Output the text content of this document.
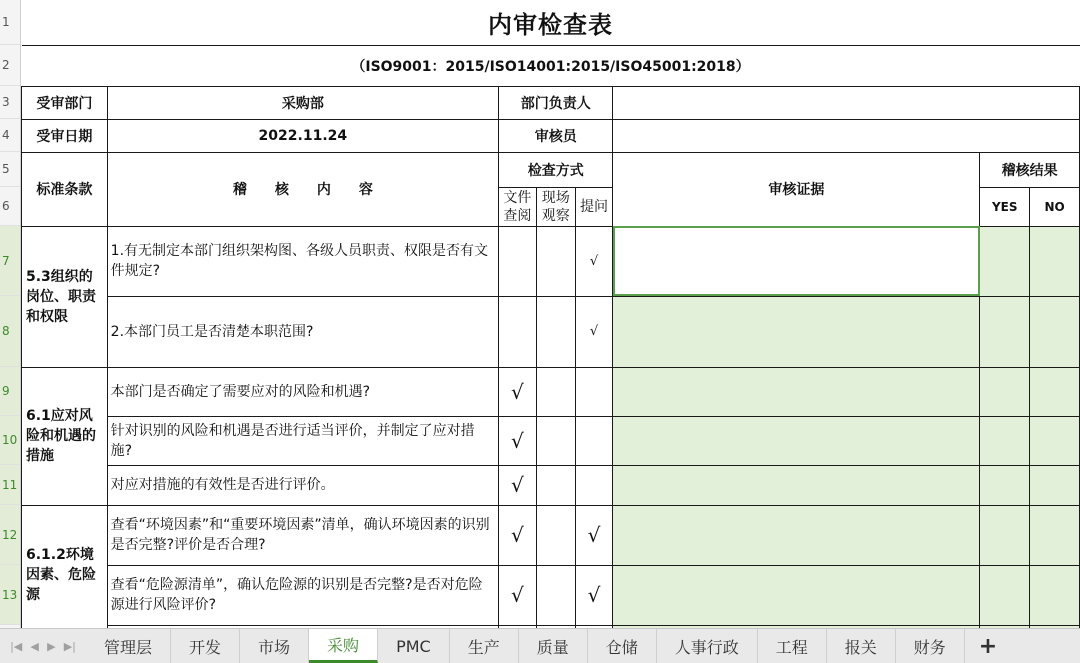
1
2
3
4
5
6
7
8
9
10
11
12
13
内审检查表							
（ISO9001：2015/ISO14001:2015/ISO45001:2018）							
受审部门	采购部	部门负责人					
受审日期	2022.11.24	审核员					
标准条款	稽　　核　　内　　容	检查方式			审核证据	稽核结果	
		文件查阅	现场观察	提问		YES	NO
5.3组织的岗位、职责和权限	1.有无制定本部门组织架构图、各级人员职责、权限是否有文件规定?			√			
	2.本部门员工是否清楚本职范围?			√			
6.1应对风险和机遇的措施	本部门是否确定了需要应对的风险和机遇?	√					
	针对识别的风险和机遇是否进行适当评价，并制定了应对措施?	√					
	对应对措施的有效性是否进行评价。	√					
6.1.2环境因素、危险源	查看“环境因素”和“重要环境因素”清单，确认环境因素的识别是否完整?评价是否合理?	√		√			
	查看“危险源清单”，确认危险源的识别是否完整?是否对危险源进行风险评价?	√		√			

|◀ ◀ ▶ ▶|	管理层	开发	市场	采购	PMC	生产	质量	仓储	人事行政	工程	报关	财务	+
